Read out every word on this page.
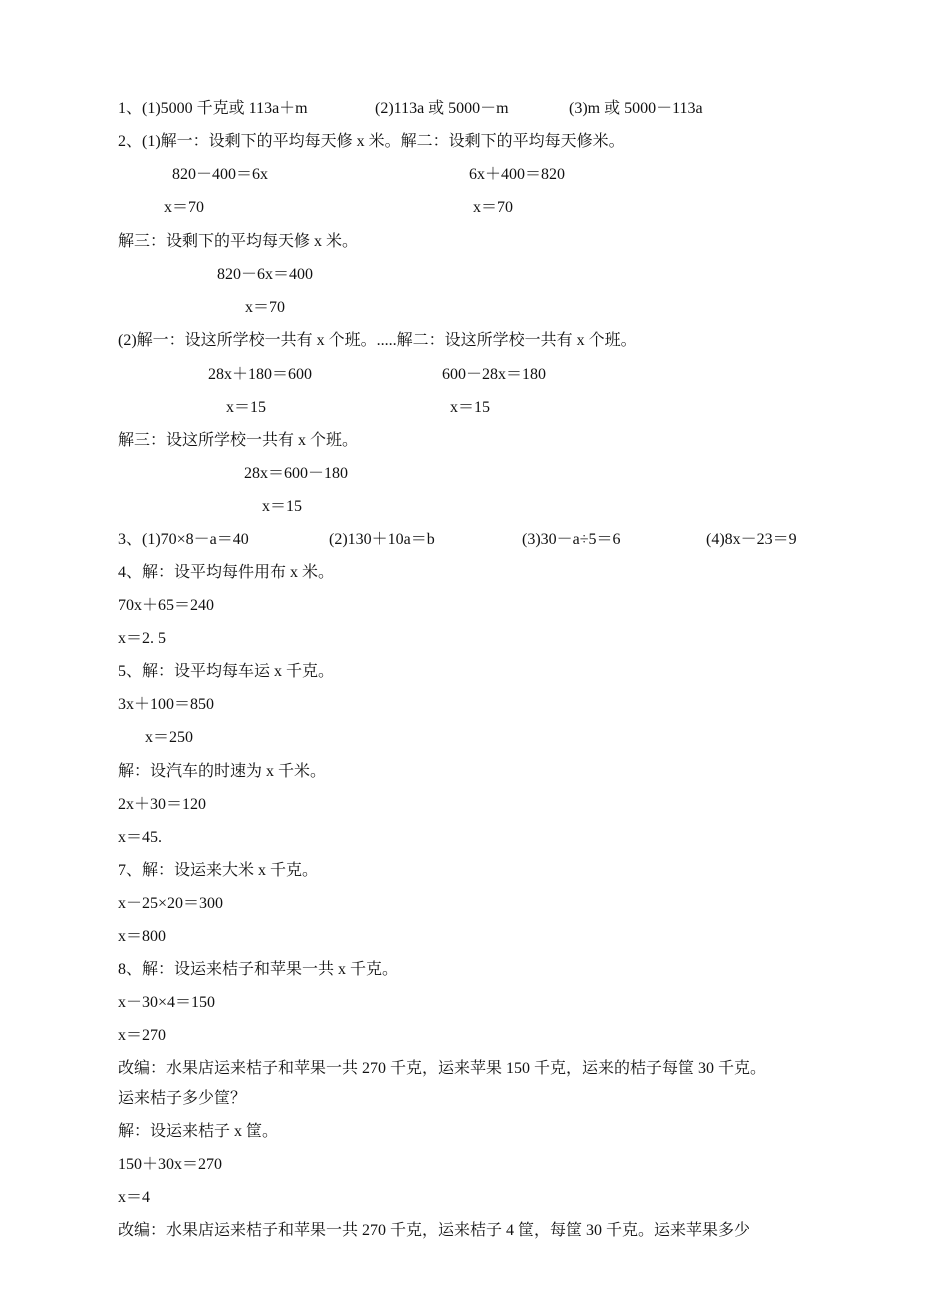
1、(1)5000 千克或 113a＋m	(2)113a 或 5000－m	(3)m 或 5000－113a
2、(1)解一：设剩下的平均每天修 x 米。解二：设剩下的平均每天修米。
820－400＝6x	6x＋400＝820
x＝70	x＝70
解三：设剩下的平均每天修 x 米。
820－6x＝400
x＝70
(2)解一：设这所学校一共有 x 个班。.....解二：设这所学校一共有 x 个班。
28x＋180＝600	600－28x＝180
x＝15	x＝15
解三：设这所学校一共有 x 个班。
28x＝600－180
x＝15
3、(1)70×8－a＝40	(2)130＋10a＝b	(3)30－a÷5＝6	(4)8x－23＝9
4、解：设平均每件用布 x 米。
70x＋65＝240
x＝2. 5
5、解：设平均每车运 x 千克。
3x＋100＝850
x＝250
解：设汽车的时速为 x 千米。
2x＋30＝120
x＝45.
7、解：设运来大米 x 千克。
x－25×20＝300
x＝800
8、解：设运来桔子和苹果一共 x 千克。
x－30×4＝150
x＝270
改编：水果店运来桔子和苹果一共 270 千克，运来苹果 150 千克，运来的桔子每筐 30 千克。
运来桔子多少筐？
解：设运来桔子 x 筐。
150＋30x＝270
x＝4
改编：水果店运来桔子和苹果一共 270 千克，运来桔子 4 筐，每筐 30 千克。运来苹果多少
